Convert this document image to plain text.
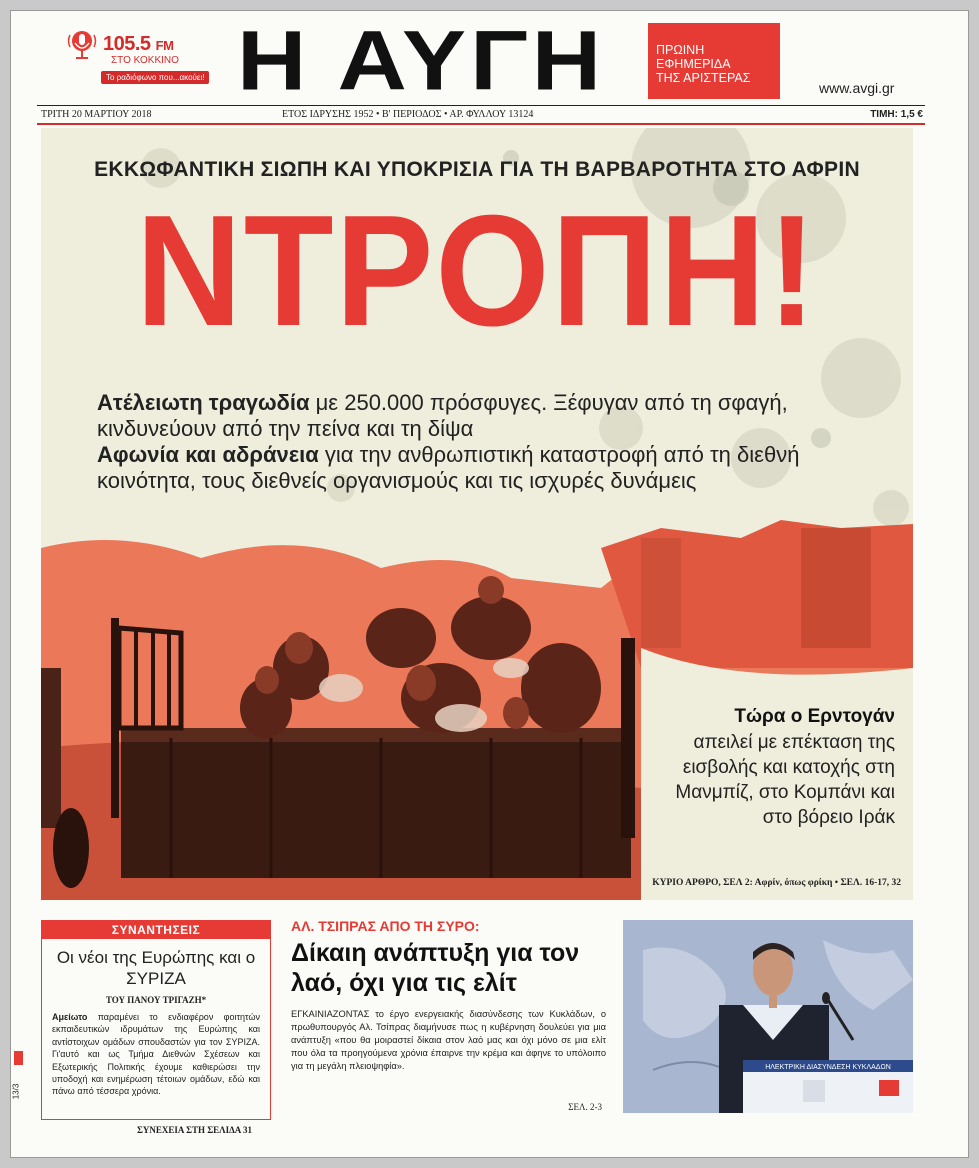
105.5 FM
ΣΤΟ ΚΟΚΚΙΝΟ
Το ραδιόφωνο που...ακούει! Η ΑΥΓΗ	ΠΡΩΙΝΗ
ΕΦΗΜΕΡΙΔΑ
ΤΗΣ ΑΡΙΣΤΕΡΑΣ
www.avgi.gr
ΤΡΙΤΗ 20 ΜΑΡΤΙΟΥ 2018	ΕΤΟΣ ΙΔΡΥΣΗΣ 1952 • Β' ΠΕΡΙΟΔΟΣ • ΑΡ. ΦΥΛΛΟΥ 13124	ΤΙΜΗ: 1,5 €
ΕΚΚΩΦΑΝΤΙΚΗ ΣΙΩΠΗ ΚΑΙ ΥΠΟΚΡΙΣΙΑ ΓΙΑ ΤΗ ΒΑΡΒΑΡΟΤΗΤΑ ΣΤΟ ΑΦΡΙΝ
ΝΤΡΟΠΗ!
Ατέλειωτη τραγωδία με 250.000 πρόσφυγες. Ξέφυγαν από τη σφαγή, κινδυνεύουν από την πείνα και τη δίψα
Αφωνία και αδράνεια για την ανθρωπιστική καταστροφή από τη διεθνή κοινότητα, τους διεθνείς οργανισμούς και τις ισχυρές δυνάμεις
Τώρα ο Ερντογάν
απειλεί με επέκταση της εισβολής και κατοχής στη Μανμπίζ, στο Κομπάνι και στο βόρειο Ιράκ
ΚΥΡΙΟ ΑΡΘΡΟ, ΣΕΛ 2: Αφρίν, όπως φρίκη • ΣΕΛ. 16-17, 32
ΣΥΝΑΝΤΗΣΕΙΣ
Οι νέοι της Ευρώπης και ο ΣΥΡΙΖΑ
ΤΟΥ ΠΑΝΟΥ ΤΡΙΓΑΖΗ*
Αμείωτο παραμένει το ενδιαφέρον φοιτητών εκπαιδευτικών ιδρυμάτων της Ευρώπης και αντίστοιχων ομάδων σπουδαστών για τον ΣΥΡΙΖΑ. Γι'αυτό και ως Τμήμα Διεθνών Σχέσεων και Εξωτερικής Πολιτικής έχουμε καθιερώσει την υποδοχή και ενημέρωση τέτοιων ομάδων, εδώ και πάνω από τέσσερα χρόνια.
ΣΥΝΕΧΕΙΑ ΣΤΗ ΣΕΛΙΔΑ 31
ΑΛ. ΤΣΙΠΡΑΣ ΑΠΟ ΤΗ ΣΥΡΟ:
Δίκαιη ανάπτυξη για τον λαό, όχι για τις ελίτ
ΕΓΚΑΙΝΙΑΖΟΝΤΑΣ το έργο ενεργειακής διασύνδεσης των Κυκλάδων, ο πρωθυπουργός Αλ. Τσίπρας διαμήνυσε πως η κυβέρνηση δουλεύει για μια ανάπτυξη «που θα μοιραστεί δίκαια στον λαό μας και όχι μόνο σε μια ελίτ που όλα τα προηγούμενα χρόνια έπαιρνε την κρέμα και άφηνε το υπόλοιπο για τη μεγάλη πλειοψηφία».
ΣΕΛ. 2-3
ΗΛΕΚΤΡΙΚΗ ΔΙΑΣΥΝΔΕΣΗ ΚΥΚΛΑΔΩΝ
13/3
